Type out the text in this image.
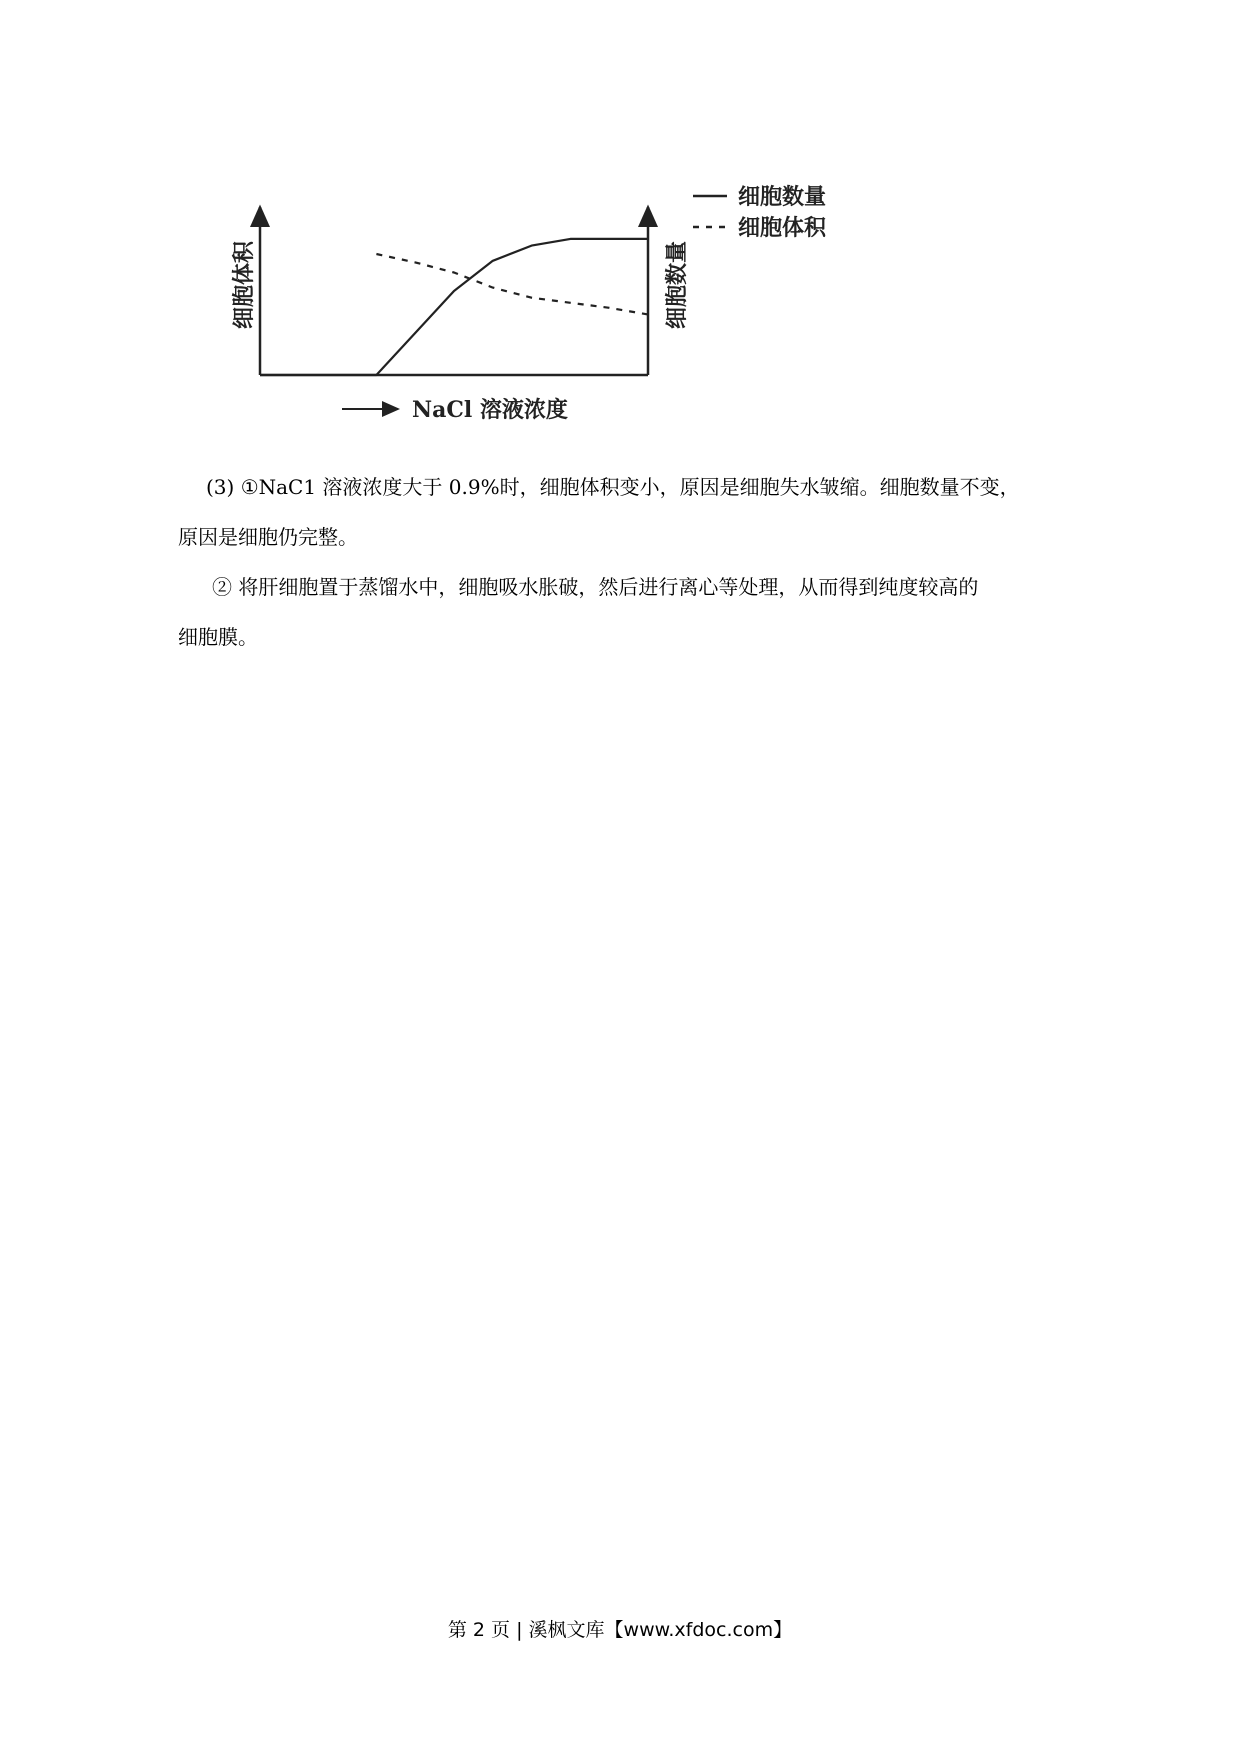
细胞体积	细胞数量
NaCl 溶液浓度
细胞数量
细胞体积

(3) ①NaC1 溶液浓度大于 0.9%时，细胞体积变小，原因是细胞失水皱缩。细胞数量不变，

原因是细胞仍完整。

② 将肝细胞置于蒸馏水中，细胞吸水胀破，然后进行离心等处理，从而得到纯度较高的

细胞膜。

第 2 页 | 溪枫文库【www.xfdoc.com】
